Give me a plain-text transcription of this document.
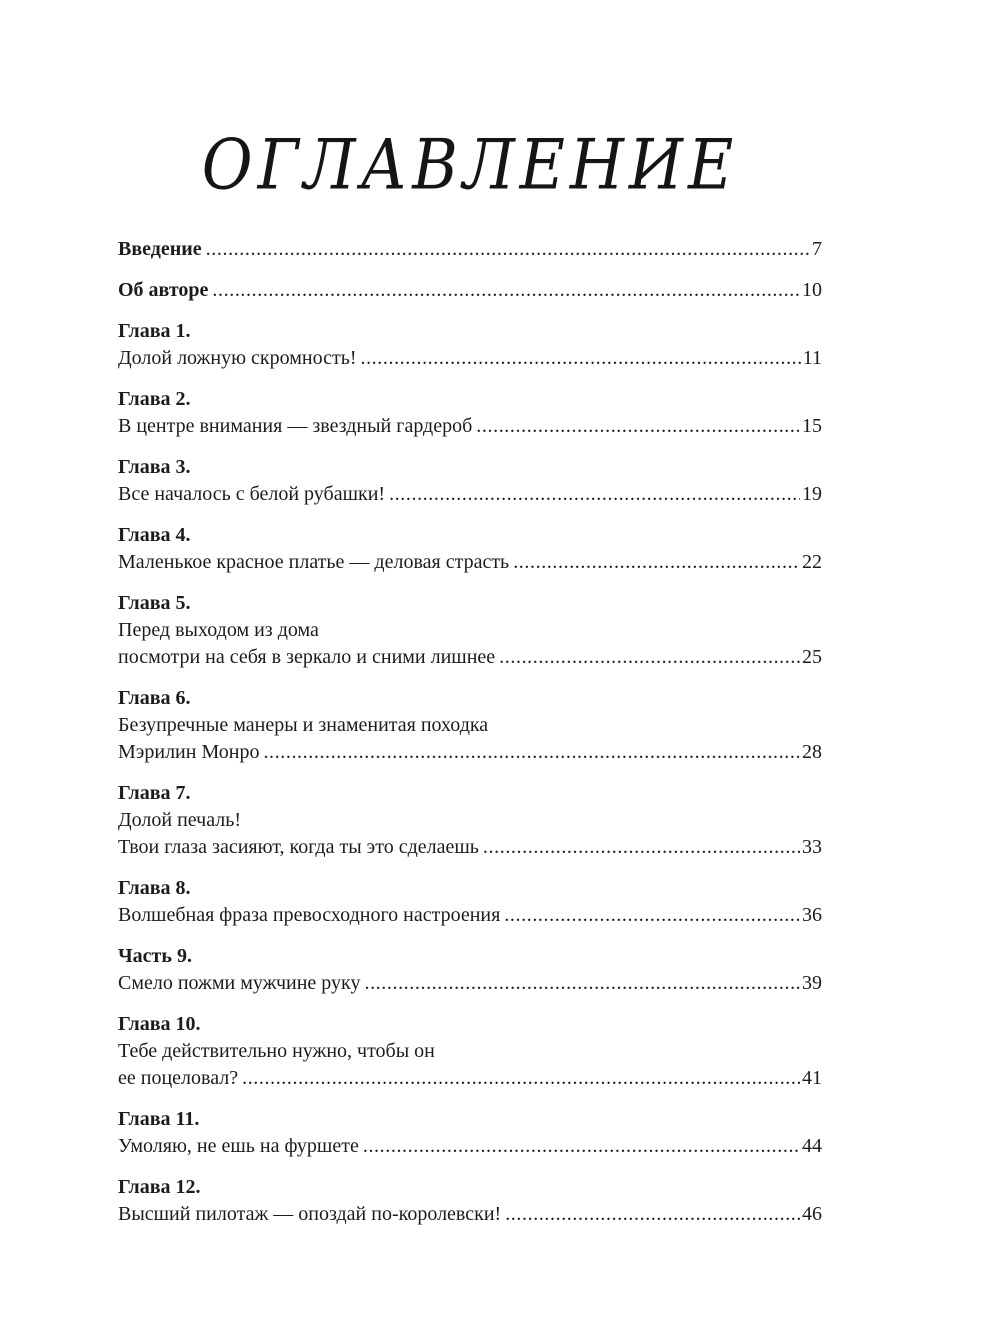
ОГЛАВЛЕНИЕ
Введение . . .	7
Об авторе . . .	10
Глава 1.
Долой ложную скромность! . . .	11
Глава 2.
В центре внимания — звездный гардероб . . .	15
Глава 3.
Все началось с белой рубашки! . . .	19
Глава 4.
Маленькое красное платье — деловая страсть . . .	22
Глава 5.
Перед выходом из дома
посмотри на себя в зеркало и сними лишнее . . .	25
Глава 6.
Безупречные манеры и знаменитая походка
Мэрилин Монро . . .	28
Глава 7.
Долой печаль!
Твои глаза засияют, когда ты это сделаешь . . .	33
Глава 8.
Волшебная фраза превосходного настроения . . .	36
Часть 9.
Смело пожми мужчине руку . . .	39
Глава 10.
Тебе действительно нужно, чтобы он
ее поцеловал? . . .	41
Глава 11.
Умоляю, не ешь на фуршете . . .	44
Глава 12.
Высший пилотаж — опоздай по-королевски! . . .	46
